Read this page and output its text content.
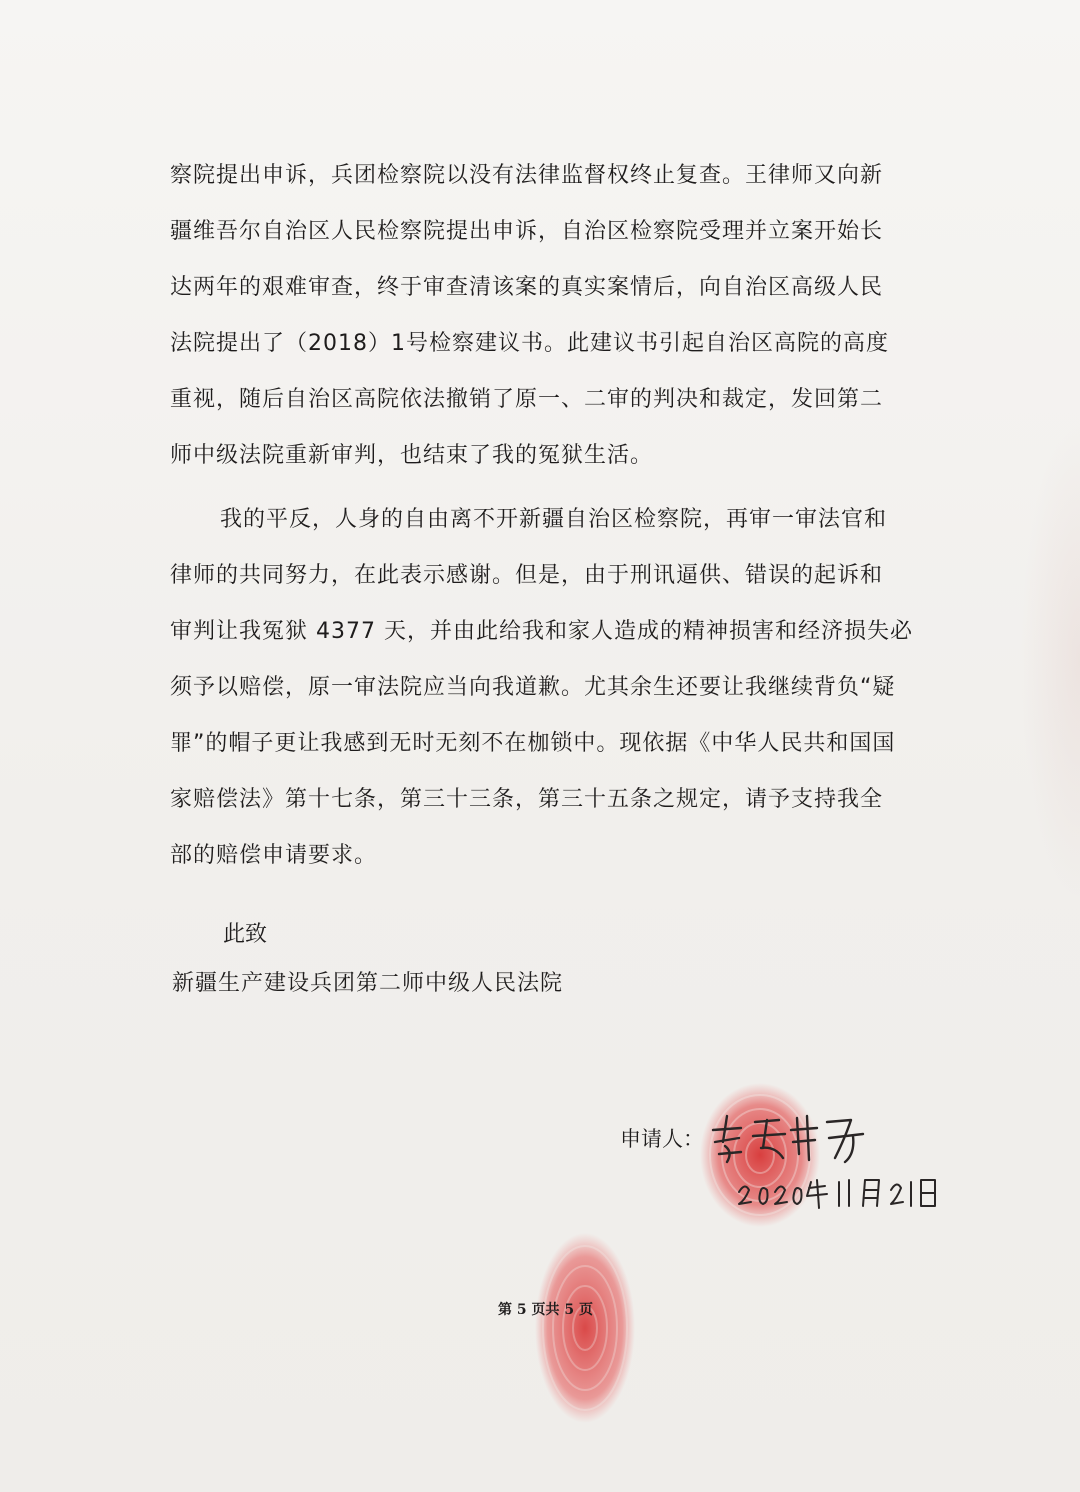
察院提出申诉，兵团检察院以没有法律监督权终止复查。王律师又向新
疆维吾尔自治区人民检察院提出申诉，自治区检察院受理并立案开始长
达两年的艰难审查，终于审查清该案的真实案情后，向自治区高级人民
法院提出了（2018）1号检察建议书。此建议书引起自治区高院的高度
重视，随后自治区高院依法撤销了原一、二审的判决和裁定，发回第二
师中级法院重新审判，也结束了我的冤狱生活。

我的平反，人身的自由离不开新疆自治区检察院，再审一审法官和
律师的共同努力，在此表示感谢。但是，由于刑讯逼供、错误的起诉和
审判让我冤狱 4377 天，并由此给我和家人造成的精神损害和经济损失必
须予以赔偿，原一审法院应当向我道歉。尤其余生还要让我继续背负“疑
罪”的帽子更让我感到无时无刻不在枷锁中。现依据《中华人民共和国国
家赔偿法》第十七条，第三十三条，第三十五条之规定，请予支持我全
部的赔偿申请要求。

此致
新疆生产建设兵团第二师中级人民法院
申请人：
第 5 页共 5 页
